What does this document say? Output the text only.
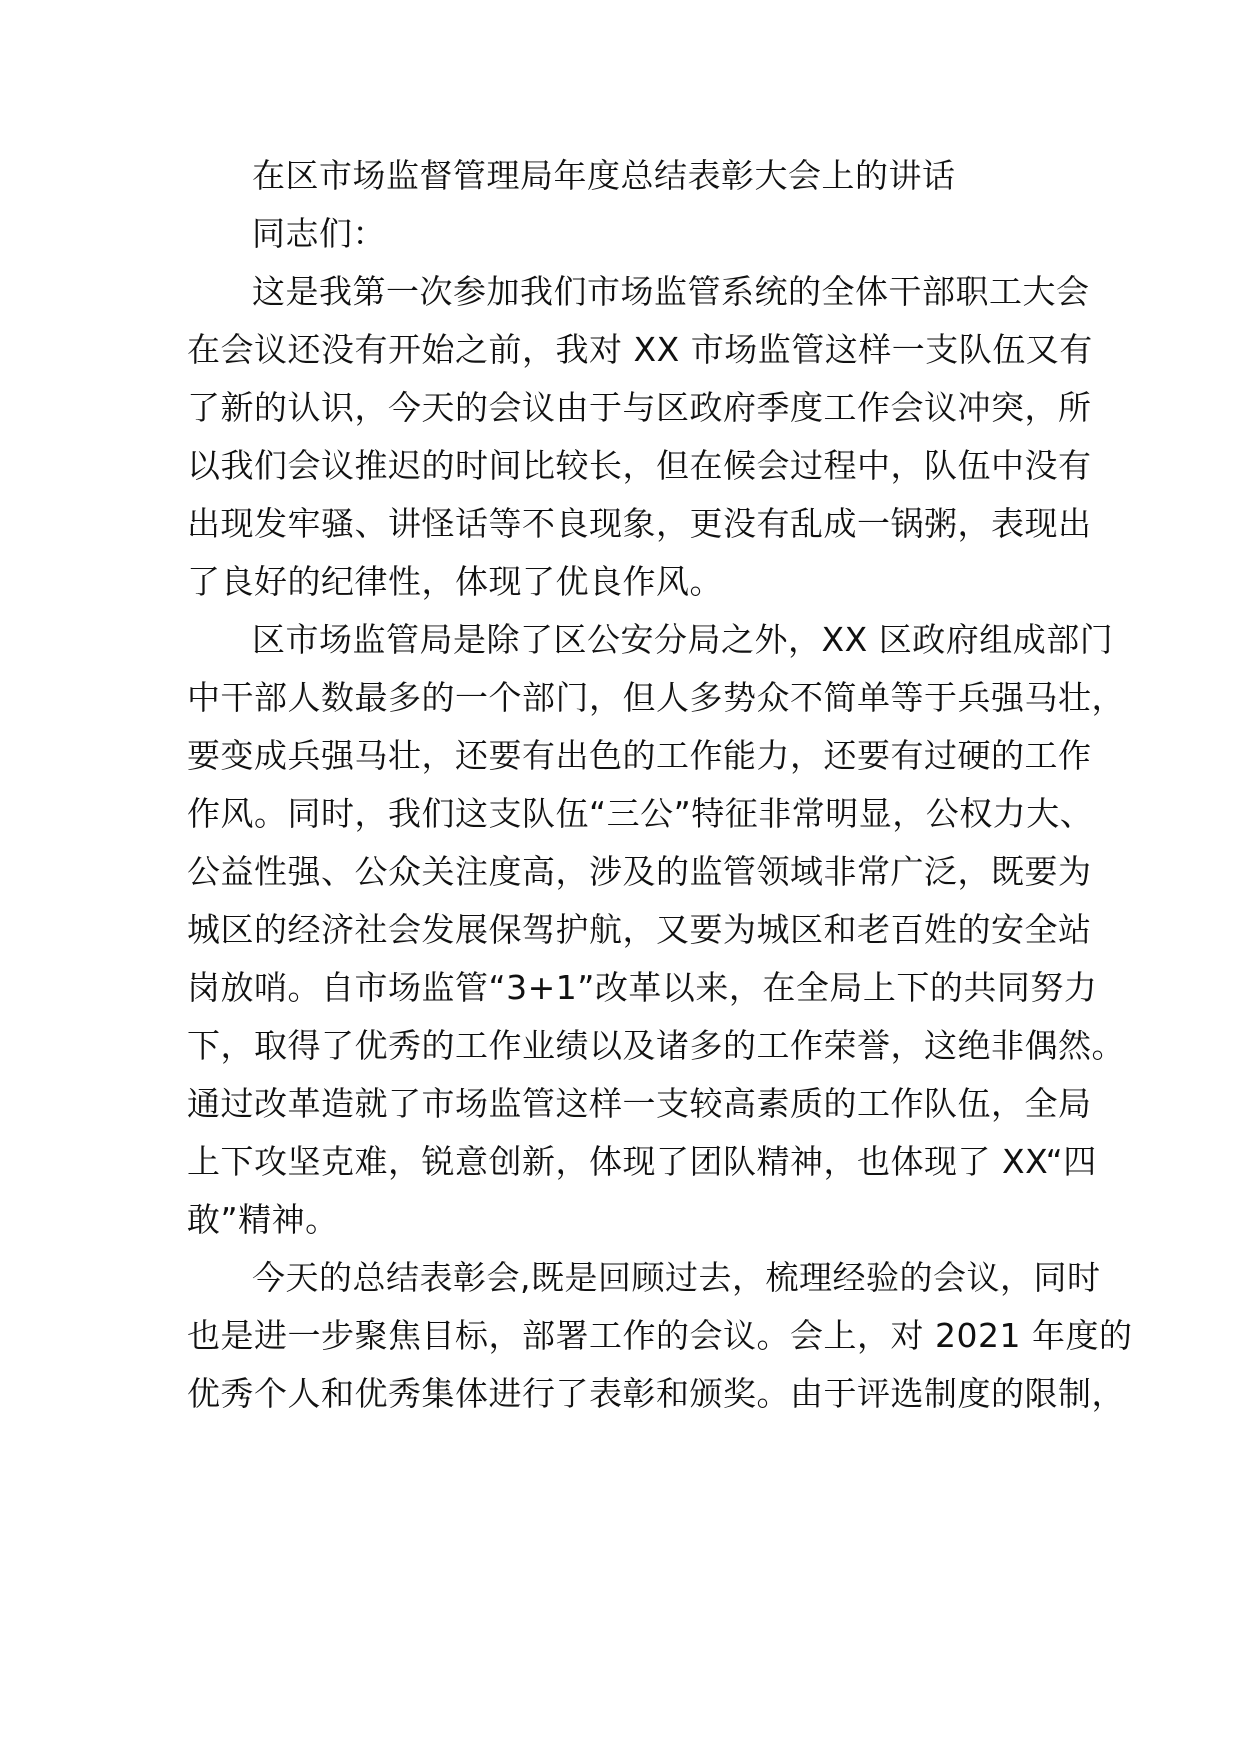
在区市场监督管理局年度总结表彰大会上的讲话
同志们：
这是我第一次参加我们市场监管系统的全体干部职工大会
在会议还没有开始之前，我对 XX 市场监管这样一支队伍又有
了新的认识，今天的会议由于与区政府季度工作会议冲突，所
以我们会议推迟的时间比较长，但在候会过程中，队伍中没有
出现发牢骚、讲怪话等不良现象，更没有乱成一锅粥，表现出
了良好的纪律性，体现了优良作风。
区市场监管局是除了区公安分局之外，XX 区政府组成部门
中干部人数最多的一个部门，但人多势众不简单等于兵强马壮，
要变成兵强马壮，还要有出色的工作能力，还要有过硬的工作
作风。同时，我们这支队伍“三公”特征非常明显，公权力大、
公益性强、公众关注度高，涉及的监管领域非常广泛，既要为
城区的经济社会发展保驾护航，又要为城区和老百姓的安全站
岗放哨。自市场监管“3+1”改革以来，在全局上下的共同努力
下，取得了优秀的工作业绩以及诸多的工作荣誉，这绝非偶然。
通过改革造就了市场监管这样一支较高素质的工作队伍，全局
上下攻坚克难，锐意创新，体现了团队精神，也体现了 XX“四
敢”精神。
今天的总结表彰会,既是回顾过去，梳理经验的会议，同时
也是进一步聚焦目标，部署工作的会议。会上，对 2021 年度的
优秀个人和优秀集体进行了表彰和颁奖。由于评选制度的限制，
